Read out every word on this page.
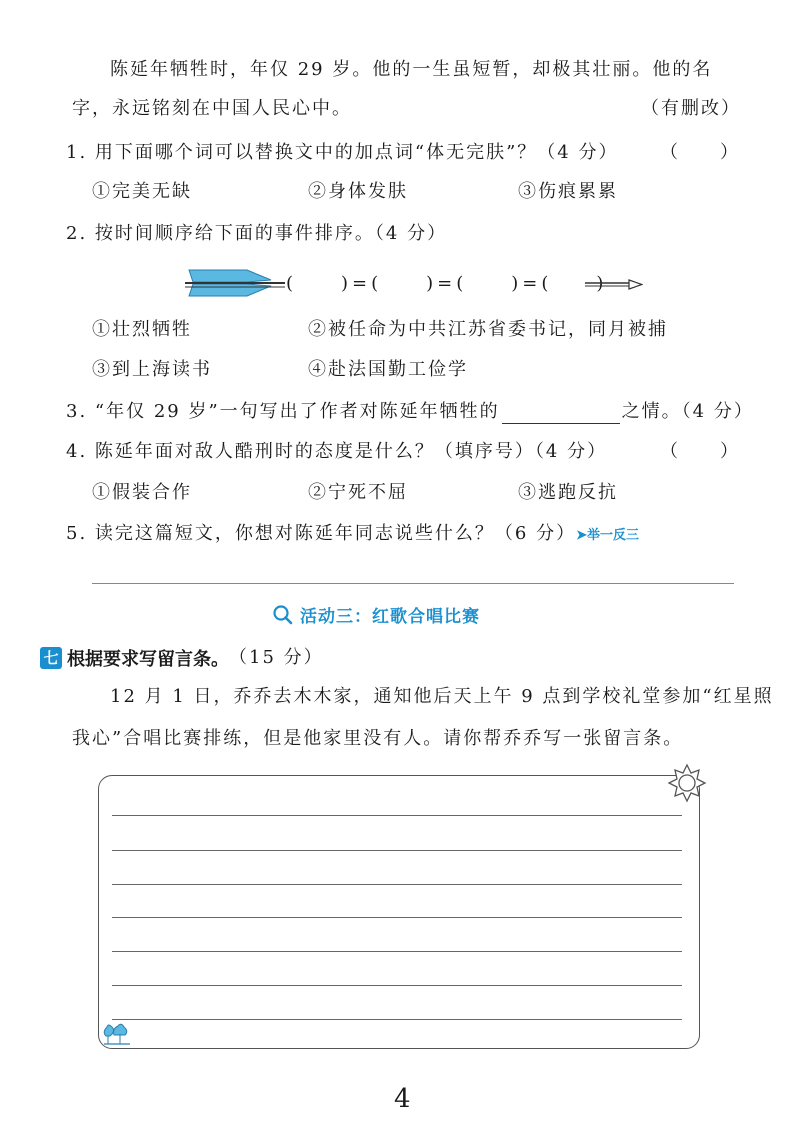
陈延年牺牲时，年仅 29 岁。他的一生虽短暂，却极其壮丽。他的名
字，永远铭刻在中国人民心中。	（有删改）
1. 用下面哪个词可以替换文中的加点词“体无完肤”？（4 分） （　　）
①完美无缺	②身体发肤	③伤痕累累
2. 按时间顺序给下面的事件排序。（4 分）
(　　)=(　　)=(　　)=(　　)
①壮烈牺牲	②被任命为中共江苏省委书记，同月被捕
③到上海读书	④赴法国勤工俭学
3. “年仅 29 岁”一句写出了作者对陈延年牺牲的	之情。（4 分）
4. 陈延年面对敌人酷刑时的态度是什么？（填序号）（4 分）	（　　）
①假装合作	②宁死不屈	③逃跑反抗
5. 读完这篇短文，你想对陈延年同志说些什么？（6 分）➤举一反三
活动三：红歌合唱比赛
七 根据要求写留言条。 （15 分）
12 月 1 日，乔乔去木木家，通知他后天上午 9 点到学校礼堂参加“红星照
我心”合唱比赛排练，但是他家里没有人。请你帮乔乔写一张留言条。
4
